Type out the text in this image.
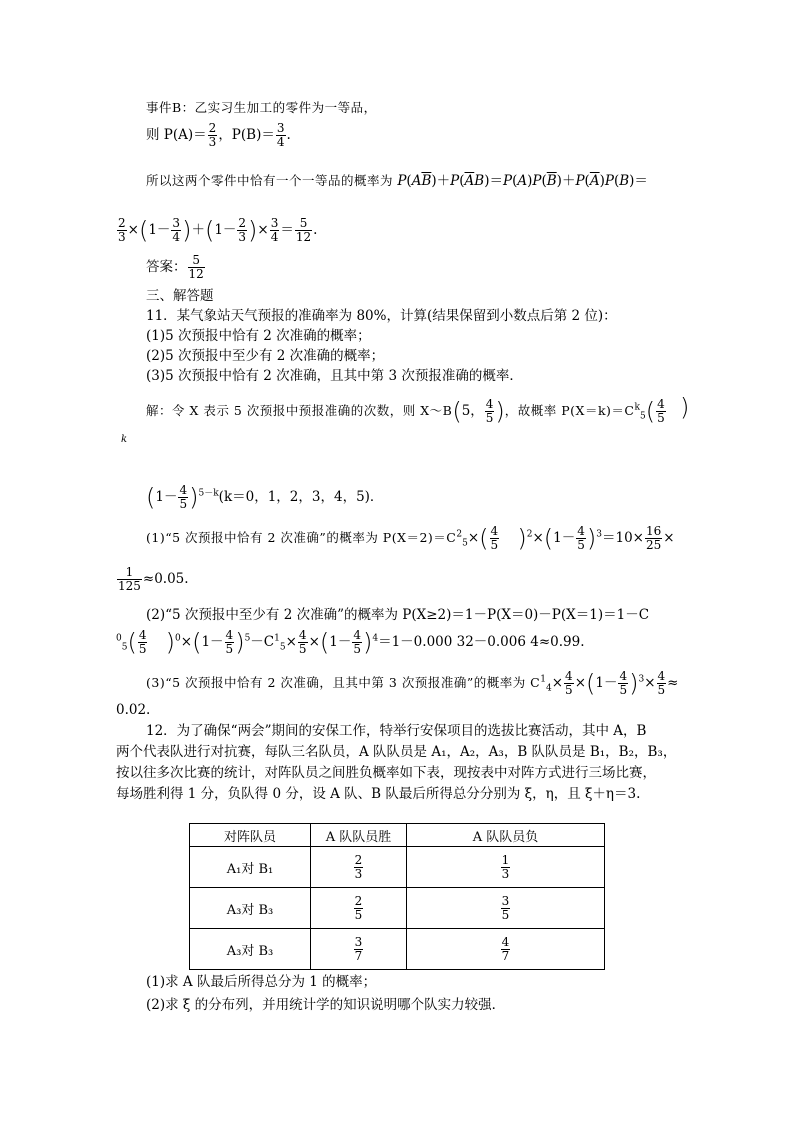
事件B：乙实习生加工的零件为一等品，
则 $P(A)= \frac{2}{3}$ ，$P(B)= \frac{3}{4}$ .
所以这两个零件中恰有一个一等品的概率为 $P(A\overline{B})+P(\overline{A}B)=P(A)P(\overline{B})+P(\overline{A})P(B)=$
$\frac{2}{3} \times(1- \frac{3}{4} )+(1- \frac{2}{3}$ )× $\frac{3}{4} = \frac{5}{12}$ .
答案： $\frac{5}{12}$
三、解答题
11．某气象站天气预报的准确率为 80%，计算(结果保留到小数点后第 2 位)：
(1)5 次预报中恰有 2 次准确的概率；
(2)5 次预报中至少有 2 次准确的概率；
(3)5 次预报中恰有 2 次准确，且其中第 3 次预报准确的概率．
解：令 X 表示 5 次预报中预报准确的次数，则 X～B(5， $\frac{4}{5}$ )，故概率 $P(X=k)=C^k_5( \frac{4}{5}$ )
k
$(1- \frac{4}{5} )^{5-k}(k=0$，1，2，3，4，5)．
(1)“5 次预报中恰有 2 次准确”的概率为 $P(X=2)=C^2_5\times( \frac{4}{5} )^2\times(1- \frac{4}{5} )^3=10\times \frac{16}{25}$ ×
$\frac{1}{125} \approx 0.05$.
(2)“5 次预报中至少有 2 次准确”的概率为 P(X≥2)＝1－P(X＝0)－P(X＝1)＝1－C
$^0_5( \frac{4}{5} )^0\times(1- \frac{4}{5} )^5-C^1_5\times \frac{4}{5} \times(1- \frac{4}{5} )^4=1-0.000$ 32－0.006 4≈0.99.
(3)“5 次预报中恰有 2 次准确，且其中第 3 次预报准确”的概率为 $C^1_4\times \frac{4}{5} \times(1- \frac{4}{5} )^3\times \frac{4}{5}$ ≈
0.02.
12．为了确保“两会”期间的安保工作，特举行安保项目的选拔比赛活动，其中 A，B
两个代表队进行对抗赛，每队三名队员，A 队队员是 A₁，A₂，A₃，B 队队员是 B₁，B₂，B₃，
按以往多次比赛的统计，对阵队员之间胜负概率如下表，现按表中对阵方式进行三场比赛，
每场胜利得 1 分，负队得 0 分，设 A 队、B 队最后所得总分分别为 ξ，η，且 ξ＋η＝3.
对阵队员	A 队队员胜	A 队队员负
A₁对 B₁	$\frac{2}{3}$	$\frac{1}{3}$

A₃对 B₃	$\frac{2}{5}$	$\frac{3}{5}$

A₃对 B₃	$\frac{3}{7}$	$\frac{4}{7}$
(1)求 A 队最后所得总分为 1 的概率；
(2)求 ξ 的分布列，并用统计学的知识说明哪个队实力较强．
